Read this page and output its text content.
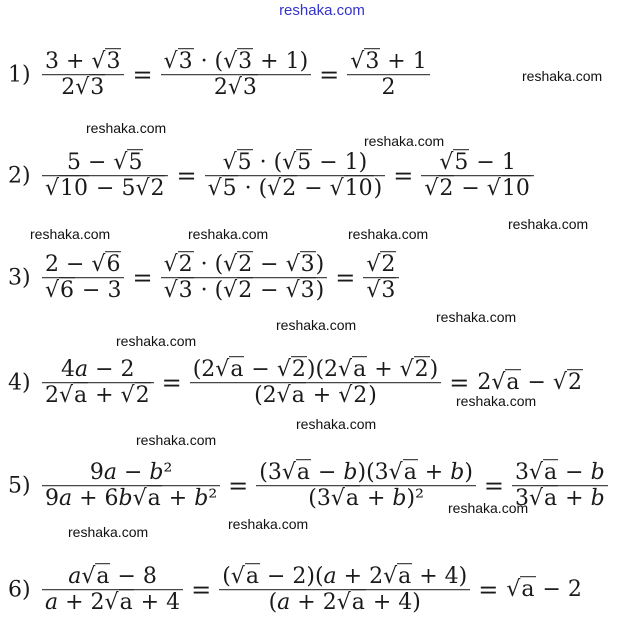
reshaka.com
reshaka.com
reshaka.com
reshaka.com
reshaka.com
reshaka.com	reshaka.com	reshaka.com
reshaka.com
reshaka.com
reshaka.com
reshaka.com
reshaka.com
reshaka.com
reshaka.com
reshaka.com
reshaka.com
$1) \frac{3 + √3}{2√3} = \frac{√3 \cdot (√3 + 1)}{2√3} = \frac{√3 + 1}{2}$
$2) \frac{5 - √5}{√10 - 5√2} = \frac{√5 \cdot (√5 - 1)}{√5 \cdot (√2 - √10)} = \frac{√5 - 1}{√2 - √10}$
$3) \frac{2 - √6}{√6 - 3} = \frac{√2 \cdot (√2 - √3)}{√3 \cdot (√2 - √3)} = \frac{√2}{√3}$
$4) \frac{4a - 2}{2√a + √2} = \frac{(2√a - √2)(2√a + √2)}{(2√a + √2)} = 2√a - √2$
$5) \frac{\text{9a − b²}}{\text{9a + 6b√a + b²}} = \frac{(3√a - b)(3√a + b)}{\text{(3√a + b)²}} = \frac{3√a - b}{3√a + b}$
$6) \frac{a√a - 8}{a + 2√a + 4} = \frac{(√a - 2)(a + 2√a + 4)}{(a + 2√a + 4)} = √a - 2$
